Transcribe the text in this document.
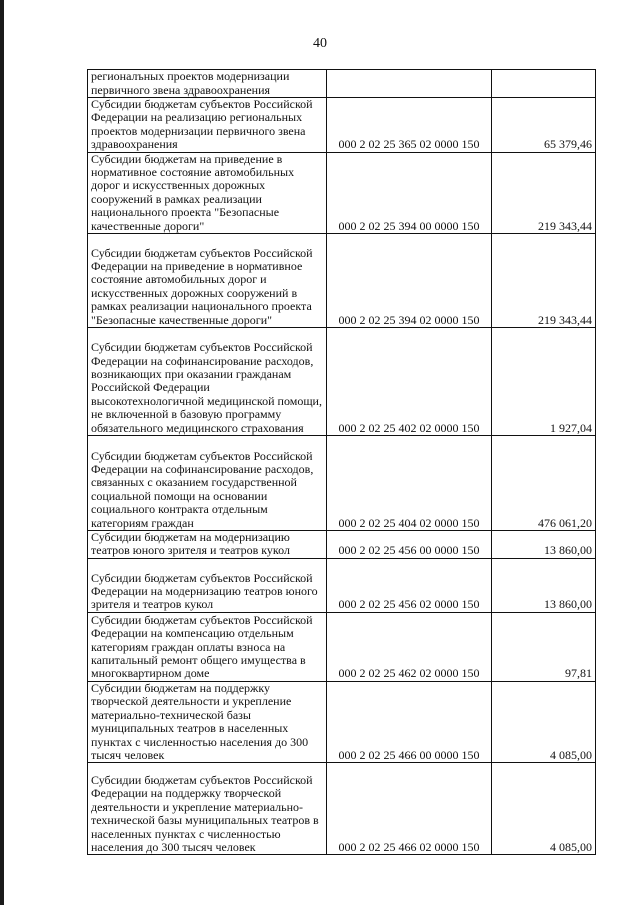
40
регионалъных проектов модернизации первичного звена здравоохранения		
Субсидии бюджетам субъектов Российской Федерации на реализацию региональных проектов модернизации первичного звена здравоохранения	000 2 02 25 365 02 0000 150	65 379,46
Субсидии бюджетам на приведение в нормативное состояние автомобильных дорог и искусственных дорожных сооружений в рамках реализации национального проекта "Безопасные качественные дороги"	000 2 02 25 394 00 0000 150	219 343,44
Субсидии бюджетам субъектов Российской Федерации на приведение в нормативное состояние автомобильных дорог и искусственных дорожных сооружений в рамках реализации национального проекта "Безопасные качественные дороги"	000 2 02 25 394 02 0000 150	219 343,44
Субсидии бюджетам субъектов Российской Федерации на софинансирование расходов, возникающих при оказании гражданам Российской Федерации высокотехнологичной медицинской помощи, не включенной в базовую программу обязательного медицинского страхования	000 2 02 25 402 02 0000 150	1 927,04
Субсидии бюджетам субъектов Российской Федерации на софинансирование расходов, связанных с оказанием государственной социальной помощи на основании социального контракта отдельным категориям граждан	000 2 02 25 404 02 0000 150	476 061,20
Субсидии бюджетам на модернизацию театров юного зрителя и театров кукол	000 2 02 25 456 00 0000 150	13 860,00
Субсидии бюджетам субъектов Российской Федерации на модернизацию театров юного зрителя и театров кукол	000 2 02 25 456 02 0000 150	13 860,00
Субсидии бюджетам субъектов Российской Федерации на компенсацию отдельным категориям граждан оплаты взноса на капитальный ремонт общего имущества в многоквартирном доме	000 2 02 25 462 02 0000 150	97,81
Субсидии бюджетам на поддержку творческой деятельности и укрепление материально-технической базы муниципальных театров в населенных пунктах с численностью населения до 300 тысяч человек	000 2 02 25 466 00 0000 150	4 085,00
Субсидии бюджетам субъектов Российской Федерации на поддержку творческой деятельности и укрепление материально-технической базы муниципальных театров в населенных пунктах с численностью населения до 300 тысяч человек	000 2 02 25 466 02 0000 150	4 085,00
